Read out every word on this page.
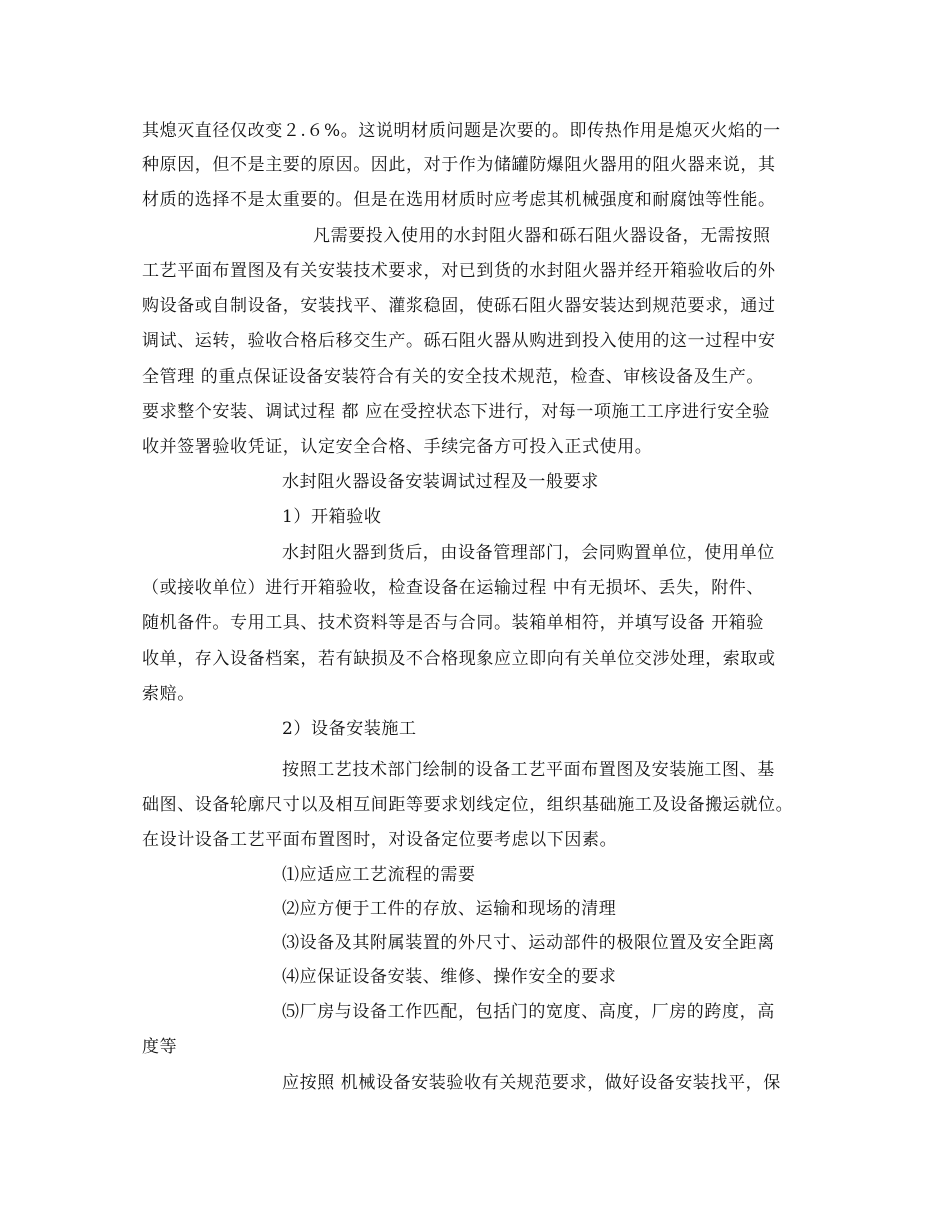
其熄灭直径仅改变２.６%。这说明材质问题是次要的。即传热作用是熄灭火焰的一
种原因，但不是主要的原因。因此，对于作为储罐防爆阻火器用的阻火器来说，其
材质的选择不是太重要的。但是在选用材质时应考虑其机械强度和耐腐蚀等性能。
凡需要投入使用的水封阻火器和砾石阻火器设备，无需按照
工艺平面布置图及有关安装技术要求，对已到货的水封阻火器并经开箱验收后的外
购设备或自制设备，安装找平、灌浆稳固，使砾石阻火器安装达到规范要求，通过
调试、运转，验收合格后移交生产。砾石阻火器从购进到投入使用的这一过程中安
全管理 的重点保证设备安装符合有关的安全技术规范，检查、审核设备及生产。
要求整个安装、调试过程 都 应在受控状态下进行，对每一项施工工序进行安全验
收并签署验收凭证，认定安全合格、手续完备方可投入正式使用。
水封阻火器设备安装调试过程及一般要求
1）开箱验收
水封阻火器到货后，由设备管理部门，会同购置单位，使用单位
（或接收单位）进行开箱验收，检查设备在运输过程 中有无损坏、丢失，附件、
随机备件。专用工具、技术资料等是否与合同。装箱单相符，并填写设备 开箱验
收单，存入设备档案，若有缺损及不合格现象应立即向有关单位交涉处理，索取或
索赔。
2）设备安装施工
按照工艺技术部门绘制的设备工艺平面布置图及安装施工图、基
础图、设备轮廓尺寸以及相互间距等要求划线定位，组织基础施工及设备搬运就位。
在设计设备工艺平面布置图时，对设备定位要考虑以下因素。
⑴应适应工艺流程的需要
⑵应方便于工件的存放、运输和现场的清理
⑶设备及其附属装置的外尺寸、运动部件的极限位置及安全距离
⑷应保证设备安装、维修、操作安全的要求
⑸厂房与设备工作匹配，包括门的宽度、高度，厂房的跨度，高
度等
应按照 机械设备安装验收有关规范要求，做好设备安装找平，保
